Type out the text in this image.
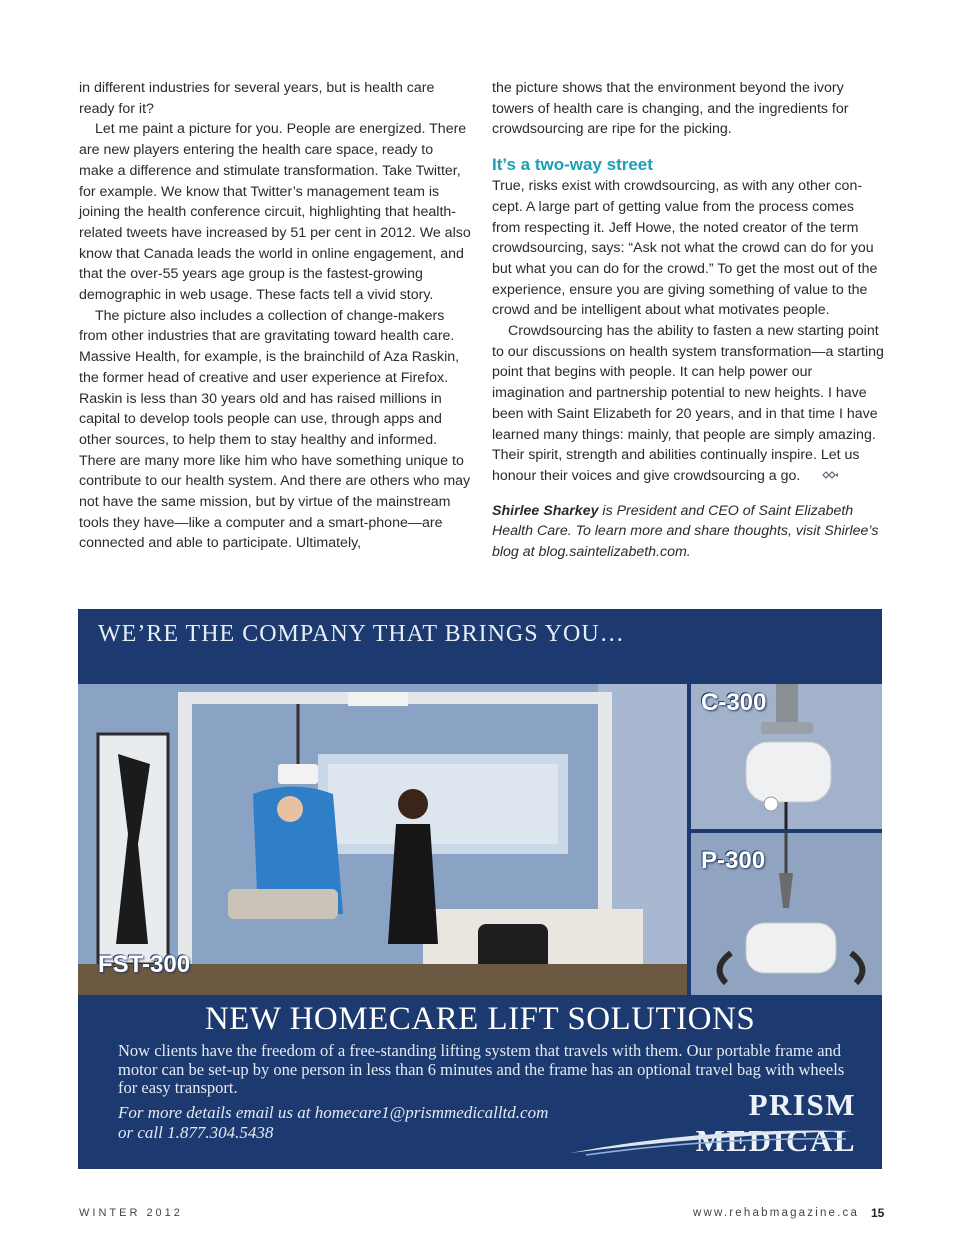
in different industries for several years, but is health care ready for it?

Let me paint a picture for you. People are energized. There are new players entering the health care space, ready to make a difference and stimulate transformation. Take Twitter, for example. We know that Twitter’s management team is joining the health conference circuit, highlighting that health-related tweets have increased by 51 per cent in 2012. We also know that Canada leads the world in online engagement, and that the over-55 years age group is the fastest-growing demographic in web usage. These facts tell a vivid story.

The picture also includes a collection of change-makers from other industries that are gravitating toward health care. Massive Health, for example, is the brainchild of Aza Raskin, the former head of creative and user experience at Firefox. Raskin is less than 30 years old and has raised millions in capital to develop tools people can use, through apps and other sources, to help them to stay healthy and informed. There are many more like him who have something unique to contribute to our health system. And there are others who may not have the same mission, but by virtue of the mainstream tools they have—like a computer and a smart-phone—are connected and able to participate. Ultimately,

the picture shows that the environment beyond the ivory towers of health care is changing, and the ingredients for crowdsourcing are ripe for the picking.

It’s a two-way street

True, risks exist with crowdsourcing, as with any other con-cept. A large part of getting value from the process comes from respecting it. Jeff Howe, the noted creator of the term crowdsourcing, says: “Ask not what the crowd can do for you but what you can do for the crowd.” To get the most out of the experience, ensure you are giving something of value to the crowd and be intelligent about what motivates people.

Crowdsourcing has the ability to fasten a new starting point to our discussions on health system transformation—a starting point that begins with people. It can help power our imagination and partnership potential to new heights. I have been with Saint Elizabeth for 20 years, and in that time I have learned many things: mainly, that people are simply amazing. Their spirit, strength and abilities continually inspire. Let us honour their voices and give crowdsourcing a go.

Shirlee Sharkey is President and CEO of Saint Elizabeth Health Care. To learn more and share thoughts, visit Shirlee’s blog at blog.saintelizabeth.com.

WE’RE THE COMPANY THAT BRINGS YOU…
FST-300
C-300
P-300
NEW HOMECARE LIFT SOLUTIONS
Now clients have the freedom of a free-standing lifting system that travels with them. Our portable frame and motor can be set-up by one person in less than 6 minutes and the frame has an optional travel bag with wheels for easy transport.
For more details email us at homecare1@prismmedicalltd.com
or call 1.877.304.5438
PRISM MEDICAL
WINTER 2012	www.rehabmagazine.ca 15
